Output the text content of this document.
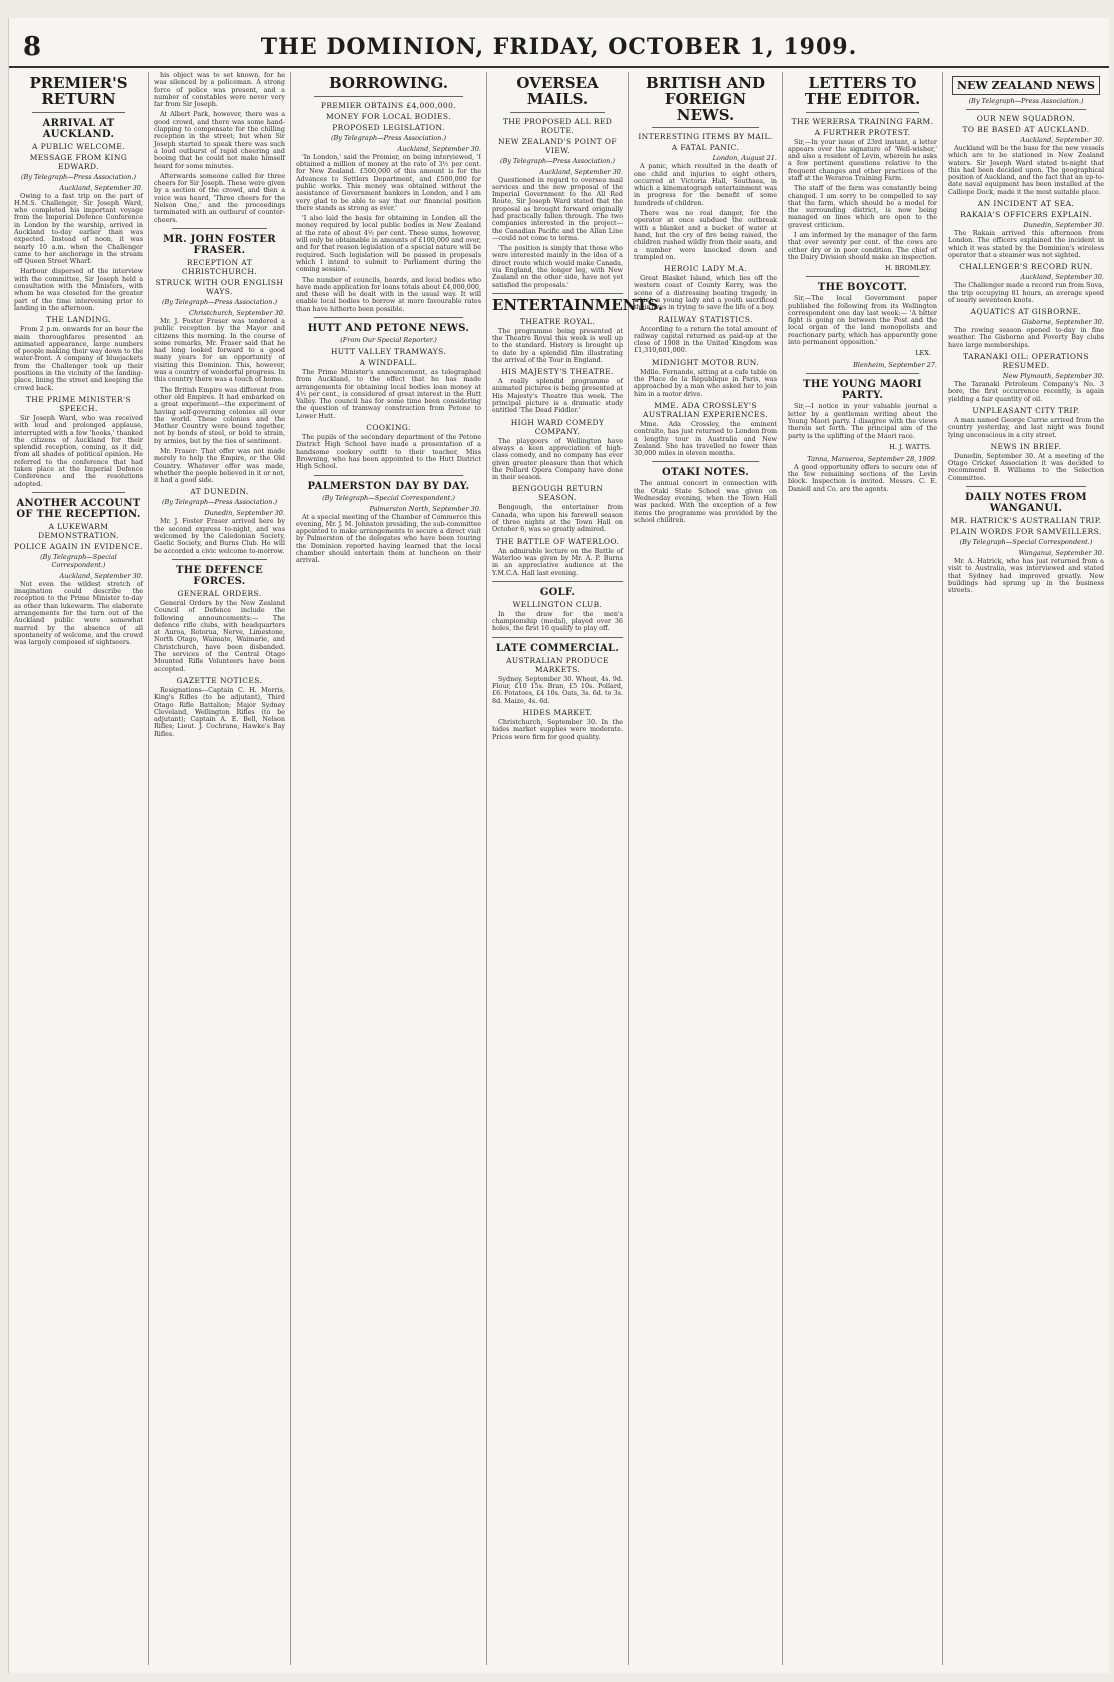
8	THE DOMINION, FRIDAY, OCTOBER 1, 1909.
PREMIER'S RETURN
ARRIVAL AT AUCKLAND.
A PUBLIC WELCOME.
MESSAGE FROM KING EDWARD.
(By Telegraph—Press Association.)
Auckland, September 30.

Owing to a fast trip on the part of H.M.S. Challenger, Sir Joseph Ward, who completed his important voyage from the Imperial Defence Conference in London by the warship, arrived in Auckland to-day earlier than was expected. Instead of noon, it was nearly 10 a.m. when the Challenger came to her anchorage in the stream off Queen Street Wharf.

Harbour dispersed of the interview with the committee, Sir Joseph held a consultation with the Ministers, with whom he was closeted for the greater part of the time intervening prior to landing in the afternoon.

THE LANDING.

From 2 p.m. onwards for an hour the main thoroughfares presented an animated appearance, large numbers of people making their way down to the water-front. A company of bluejackets from the Challenger took up their positions in the vicinity of the landing-place, lining the street and keeping the crowd back.

THE PRIME MINISTER'S SPEECH.

Sir Joseph Ward, who was received with loud and prolonged applause, interrupted with a few 'hooks,' thanked the citizens of Auckland for their splendid reception, coming, as it did, from all shades of political opinion. He referred to the conference that had taken place at the Imperial Defence Conference and the resolutions adopted.

ANOTHER ACCOUNT OF THE RECEPTION.
A LUKEWARM DEMONSTRATION.
POLICE AGAIN IN EVIDENCE.
(By Telegraph—Special Correspondent.)
Auckland, September 30.

Not even the wildest stretch of imagination could describe the reception to the Prime Minister to-day as other than lukewarm. The elaborate arrangements for the turn out of the Auckland public were somewhat marred by the absence of all spontaneity of welcome, and the crowd was largely composed of sightseers.

his object was to set known, for he was silenced by a policeman. A strong force of police was present, and a number of constables were never very far from Sir Joseph.

At Albert Park, however, there was a good crowd, and there was some hand-clapping to compensate for the chilling reception in the street; but when Sir Joseph started to speak there was such a loud outburst of rapid cheering and booing that he could not make himself heard for some minutes.

Afterwards someone called for three cheers for Sir Joseph. These were given by a section of the crowd, and then a voice was heard, 'Three cheers for the Nelson One,' and the proceedings terminated with an outburst of counter-cheers.

MR. JOHN FOSTER FRASER.
RECEPTION AT CHRISTCHURCH.
STRUCK WITH OUR ENGLISH WAYS.
(By Telegraph—Press Association.)
Christchurch, September 30.

Mr. J. Foster Fraser was tendered a public reception by the Mayor and citizens this morning. In the course of some remarks, Mr. Fraser said that he had long looked forward to a good many years for an opportunity of visiting this Dominion. This, however, was a country of wonderful progress. In this country there was a touch of home.

The British Empire was different from other old Empires. It had embarked on a great experiment—the experiment of having self-governing colonies all over the world. These colonies and the Mother Country were bound together, not by bonds of steel, or bold to strain, by armies, but by the ties of sentiment.

Mr. Fraser: That offer was not made merely to help the Empire, or the Old Country. Whatever offer was made, whether the people believed in it or not, it had a good side.

AT DUNEDIN.
(By Telegraph—Press Association.)
Dunedin, September 30.

Mr. J. Foster Fraser arrived here by the second express to-night, and was welcomed by the Caledonian Society, Gaelic Society, and Burns Club. He will be accorded a civic welcome to-morrow.

THE DEFENCE FORCES.
GENERAL ORDERS.

General Orders by the New Zealand Council of Defence include the following announcements:— The defence rifle clubs, with headquarters at Auroa, Rotorua, Nerve, Limestone, North Otago, Waimate, Waimarie, and Christchurch, have been disbanded. The services of the Central Otago Mounted Rifle Volunteers have been accepted.

GAZETTE NOTICES.

Resignations—Captain C. H. Morris, King's Rifles (to be adjutant), Third Otago Rifle Battalion; Major Sydney Cleveland, Wellington Rifles (to be adjutant); Captain A. E. Bell, Nelson Rifles; Lieut. J. Cochrane, Hawke's Bay Rifles.

BORROWING.
PREMIER OBTAINS £4,000,000.
MONEY FOR LOCAL BODIES.
PROPOSED LEGISLATION.
(By Telegraph—Press Association.)
Auckland, September 30.

'In London,' said the Premier, on being interviewed, 'I obtained a million of money at the rate of 3½ per cent. for New Zealand. £500,000 of this amount is for the Advances to Settlers Department, and £500,000 for public works. This money was obtained without the assistance of Government bankers in London, and I am very glad to be able to say that our financial position there stands as strong as ever.'

'I also laid the basis for obtaining in London all the money required by local public bodies in New Zealand at the rate of about 4½ per cent. These sums, however, will only be obtainable in amounts of £100,000 and over, and for that reason legislation of a special nature will be required. Such legislation will be passed in proposals which I intend to submit to Parliament during the coming session.'

The number of councils, boards, and local bodies who have made application for loans totals about £4,000,000, and these will be dealt with in the usual way. It will enable local bodies to borrow at more favourable rates than have hitherto been possible.

HUTT AND PETONE NEWS.
(From Our Special Reporter.)
HUTT VALLEY TRAMWAYS.
A WINDFALL.

The Prime Minister's announcement, as telegraphed from Auckland, to the effect that he has made arrangements for obtaining local bodies loan money at 4½ per cent., is considered of great interest in the Hutt Valley. The council has for some time been considering the question of tramway construction from Petone to Lower Hutt.

COOKING.

The pupils of the secondary department of the Petone District High School have made a presentation of a handsome cookery outfit to their teacher, Miss Browning, who has been appointed to the Hutt District High School.

PALMERSTON DAY BY DAY.
(By Telegraph—Special Correspondent.)
Palmerston North, September 30.

At a special meeting of the Chamber of Commerce this evening, Mr. J. M. Johnston presiding, the sub-committee appointed to make arrangements to secure a direct visit by Palmerston of the delegates who have been touring the Dominion reported having learned that the local chamber should entertain them at luncheon on their arrival.

OVERSEA MAILS.
THE PROPOSED ALL RED ROUTE.
NEW ZEALAND'S POINT OF VIEW.
(By Telegraph—Press Association.)
Auckland, September 30.

Questioned in regard to oversea mail services and the new proposal of the Imperial Government to the All Red Route, Sir Joseph Ward stated that the proposal as brought forward originally had practically fallen through. The two companies interested in the project—the Canadian Pacific and the Allan Line—could not come to terms.

'The position is simply that those who were interested mainly in the idea of a direct route which would make Canada, via England, the longer leg, with New Zealand on the other side, have not yet satisfied the proposals.'

ENTERTAINMENTS.
THEATRE ROYAL.

The programme being presented at the Theatre Royal this week is well up to the standard. History is brought up to date by a splendid film illustrating the arrival of the Tour in England.

HIS MAJESTY'S THEATRE.

A really splendid programme of animated pictures is being presented at His Majesty's Theatre this week. The principal picture is a dramatic study entitled 'The Dead Fiddler.'

HIGH WARD COMEDY COMPANY.

The playgoers of Wellington have always a keen appreciation of high-class comedy, and no company has ever given greater pleasure than that which the Pollard Opera Company have done in their season.

BENGOUGH RETURN SEASON.

Bengough, the entertainer from Canada, who upon his farewell season of three nights at the Town Hall on October 6, was so greatly admired.

THE BATTLE OF WATERLOO.

An admirable lecture on the Battle of Waterloo was given by Mr. A. P. Burns in an appreciative audience at the Y.M.C.A. Hall last evening.

GOLF.
WELLINGTON CLUB.

In the draw for the men's championship (medal), played over 36 holes, the first 16 qualify to play off.

LATE COMMERCIAL.
AUSTRALIAN PRODUCE MARKETS.

Sydney, September 30. Wheat, 4s. 9d. Flour, £10 15s. Bran, £5 10s. Pollard, £6. Potatoes, £4 10s. Oats, 3s. 6d. to 3s. 8d. Maize, 4s. 6d.

HIDES MARKET.

Christchurch, September 30. In the hides market supplies were moderate. Prices were firm for good quality.

BRITISH AND FOREIGN NEWS.
INTERESTING ITEMS BY MAIL.
A FATAL PANIC.
London, August 21.

A panic, which resulted in the death of one child and injuries to eight others, occurred at Victoria Hall, Southsea, in which a kinematograph entertainment was in progress for the benefit of some hundreds of children.

There was no real danger, for the operator at once subdued the outbreak with a blanket and a bucket of water at hand, but the cry of fire being raised, the children rushed wildly from their seats, and a number were knocked down and trampled on.

HEROIC LADY M.A.

Great Blasket Island, which lies off the western coast of County Kerry, was the scene of a distressing boating tragedy, in which a young lady and a youth sacrificed their lives in trying to save the life of a boy.

RAILWAY STATISTICS.

According to a return the total amount of railway capital returned as paid-up at the close of 1908 in the United Kingdom was £1,310,601,000.

MIDNIGHT MOTOR RUN.

Mdlle. Fernande, sitting at a cafe table on the Place de la République in Paris, was approached by a man who asked her to join him in a motor drive.

MME. ADA CROSSLEY'S AUSTRALIAN EXPERIENCES.

Mme. Ada Crossley, the eminent contralto, has just returned to London from a lengthy tour in Australia and New Zealand. She has travelled no fewer than 30,000 miles in eleven months.

OTAKI NOTES.

The annual concert in connection with the Otaki State School was given on Wednesday evening, when the Town Hall was packed. With the exception of a few items the programme was provided by the school children.

LETTERS TO THE EDITOR.
THE WERERSA TRAINING FARM.
A FURTHER PROTEST.

Sir,—In your issue of 23rd instant, a letter appears over the signature of 'Well-wisher,' and also a resident of Levin, wherein he asks a few pertinent questions relative to the frequent changes and other practices of the staff at the Weraroa Training Farm.

The staff of the farm was constantly being changed. I am sorry to be compelled to say that the farm, which should be a model for the surrounding district, is now being managed on lines which are open to the gravest criticism.

I am informed by the manager of the farm that over seventy per cent. of the cows are either dry or in poor condition. The chief of the Dairy Division should make an inspection.

H. BROMLEY.
THE BOYCOTT.

Sir,—The local Government paper published the following from its Wellington correspondent one day last week:— 'A bitter fight is going on between the Post and the local organ of the land monopolists and reactionary party, which has apparently gone into permanent opposition.'

LEX.
Blenheim, September 27.
THE YOUNG MAORI PARTY.

Sir,—I notice in your valuable journal a letter by a gentleman writing about the Young Maori party. I disagree with the views therein set forth. The principal aim of the party is the uplifting of the Maori race.

H. J. WATTS.
Tanna, Maraeroa, September 28, 1909.

A good opportunity offers to secure one of the few remaining sections of the Levin block. Inspection is invited. Messrs. C. E. Daniell and Co. are the agents.

NEW ZEALAND NEWS
(By Telegraph—Press Association.)
OUR NEW SQUADRON.
TO BE BASED AT AUCKLAND.
Auckland, September 30.

Auckland will be the base for the new vessels which are to be stationed in New Zealand waters. Sir Joseph Ward stated to-night that this had been decided upon. The geographical position of Auckland, and the fact that an up-to-date naval equipment has been installed at the Calliope Dock, made it the most suitable place.

AN INCIDENT AT SEA.
RAKAIA'S OFFICERS EXPLAIN.
Dunedin, September 30.

The Rakaia arrived this afternoon from London. The officers explained the incident in which it was stated by the Dominion's wireless operator that a steamer was not sighted.

CHALLENGER'S RECORD RUN.
Auckland, September 30.

The Challenger made a record run from Suva, the trip occupying 81 hours, an average speed of nearly seventeen knots.

AQUATICS AT GISBORNE.
Gisborne, September 30.

The rowing season opened to-day in fine weather. The Gisborne and Poverty Bay clubs have large memberships.

TARANAKI OIL: OPERATIONS RESUMED.
New Plymouth, September 30.

The Taranaki Petroleum Company's No. 3 bore, the first occurrence recently, is again yielding a fair quantity of oil.

UNPLEASANT CITY TRIP.

A man named George Currie arrived from the country yesterday, and last night was found lying unconscious in a city street.

NEWS IN BRIEF.

Dunedin, September 30. At a meeting of the Otago Cricket Association it was decided to recommend B. Williams to the Selection Committee.

DAILY NOTES FROM WANGANUI.
MR. HATRICK'S AUSTRALIAN TRIP.
PLAIN WORDS FOR SAMVEILLERS.
(By Telegraph—Special Correspondent.)
Wanganui, September 30.

Mr. A. Hatrick, who has just returned from a visit to Australia, was interviewed and stated that Sydney had improved greatly. New buildings had sprung up in the business streets.
